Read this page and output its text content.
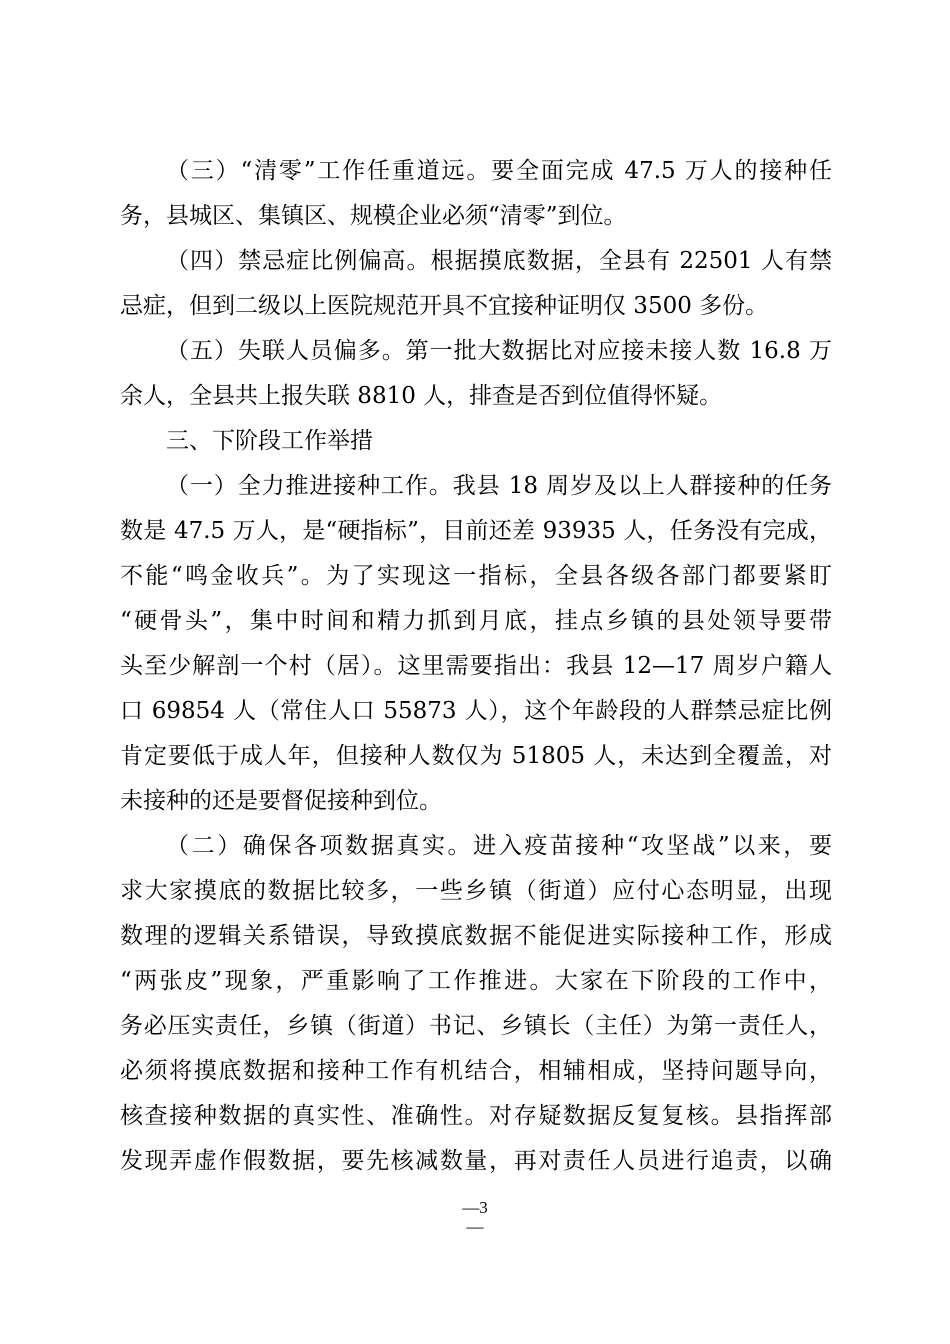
（三）“清零”工作任重道远。要全面完成 47.5 万人的接种任
务，县城区、集镇区、规模企业必须“清零”到位。
（四）禁忌症比例偏高。根据摸底数据，全县有 22501 人有禁
忌症，但到二级以上医院规范开具不宜接种证明仅 3500 多份。
（五）失联人员偏多。第一批大数据比对应接未接人数 16.8 万
余人，全县共上报失联 8810 人，排查是否到位值得怀疑。
三、下阶段工作举措
（一）全力推进接种工作。我县 18 周岁及以上人群接种的任务
数是 47.5 万人，是“硬指标”，目前还差 93935 人，任务没有完成，
不能“鸣金收兵”。为了实现这一指标，全县各级各部门都要紧盯
“硬骨头”，集中时间和精力抓到月底，挂点乡镇的县处领导要带
头至少解剖一个村（居）。这里需要指出：我县 12—17 周岁户籍人
口 69854 人（常住人口 55873 人），这个年龄段的人群禁忌症比例
肯定要低于成人年，但接种人数仅为 51805 人，未达到全覆盖，对
未接种的还是要督促接种到位。
（二）确保各项数据真实。进入疫苗接种“攻坚战”以来，要
求大家摸底的数据比较多，一些乡镇（街道）应付心态明显，出现
数理的逻辑关系错误，导致摸底数据不能促进实际接种工作，形成
“两张皮”现象，严重影响了工作推进。大家在下阶段的工作中，
务必压实责任，乡镇（街道）书记、乡镇长（主任）为第一责任人，
必须将摸底数据和接种工作有机结合，相辅相成，坚持问题导向，
核查接种数据的真实性、准确性。对存疑数据反复复核。县指挥部
发现弄虚作假数据，要先核减数量，再对责任人员进行追责，以确
—3
—
